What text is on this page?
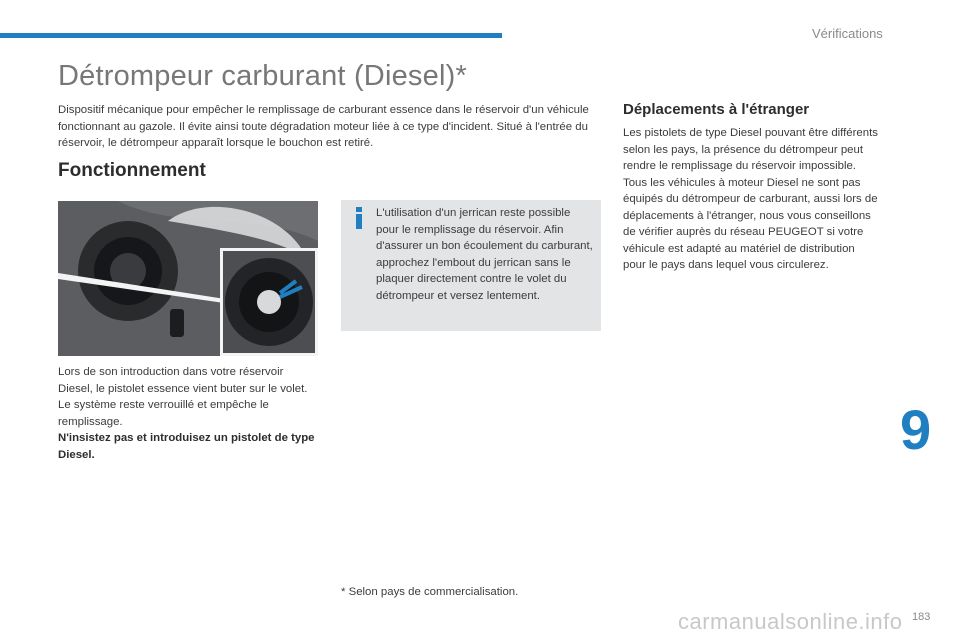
Vérifications
Détrompeur carburant (Diesel)*

Dispositif mécanique pour empêcher le remplissage de carburant essence dans le réservoir d'un véhicule fonctionnant au gazole. Il évite ainsi toute dégradation moteur liée à ce type d'incident. Situé à l'entrée du réservoir, le détrompeur apparaît lorsque le bouchon est retiré.

Fonctionnement

Lors de son introduction dans votre réservoir Diesel, le pistolet essence vient buter sur le volet. Le système reste verrouillé et empêche le remplissage.
N'insistez pas et introduisez un pistolet de type Diesel.

L'utilisation d'un jerrican reste possible pour le remplissage du réservoir. Afin d'assurer un bon écoulement du carburant, approchez l'embout du jerrican sans le plaquer directement contre le volet du détrompeur et versez lentement.

Déplacements à l'étranger

Les pistolets de type Diesel pouvant être différents selon les pays, la présence du détrompeur peut rendre le remplissage du réservoir impossible.
Tous les véhicules à moteur Diesel ne sont pas équipés du détrompeur de carburant, aussi lors de déplacements à l'étranger, nous vous conseillons de vérifier auprès du réseau PEUGEOT si votre véhicule est adapté au matériel de distribution pour le pays dans lequel vous circulerez.

9

* Selon pays de commercialisation.

carmanualsonline.info 183
